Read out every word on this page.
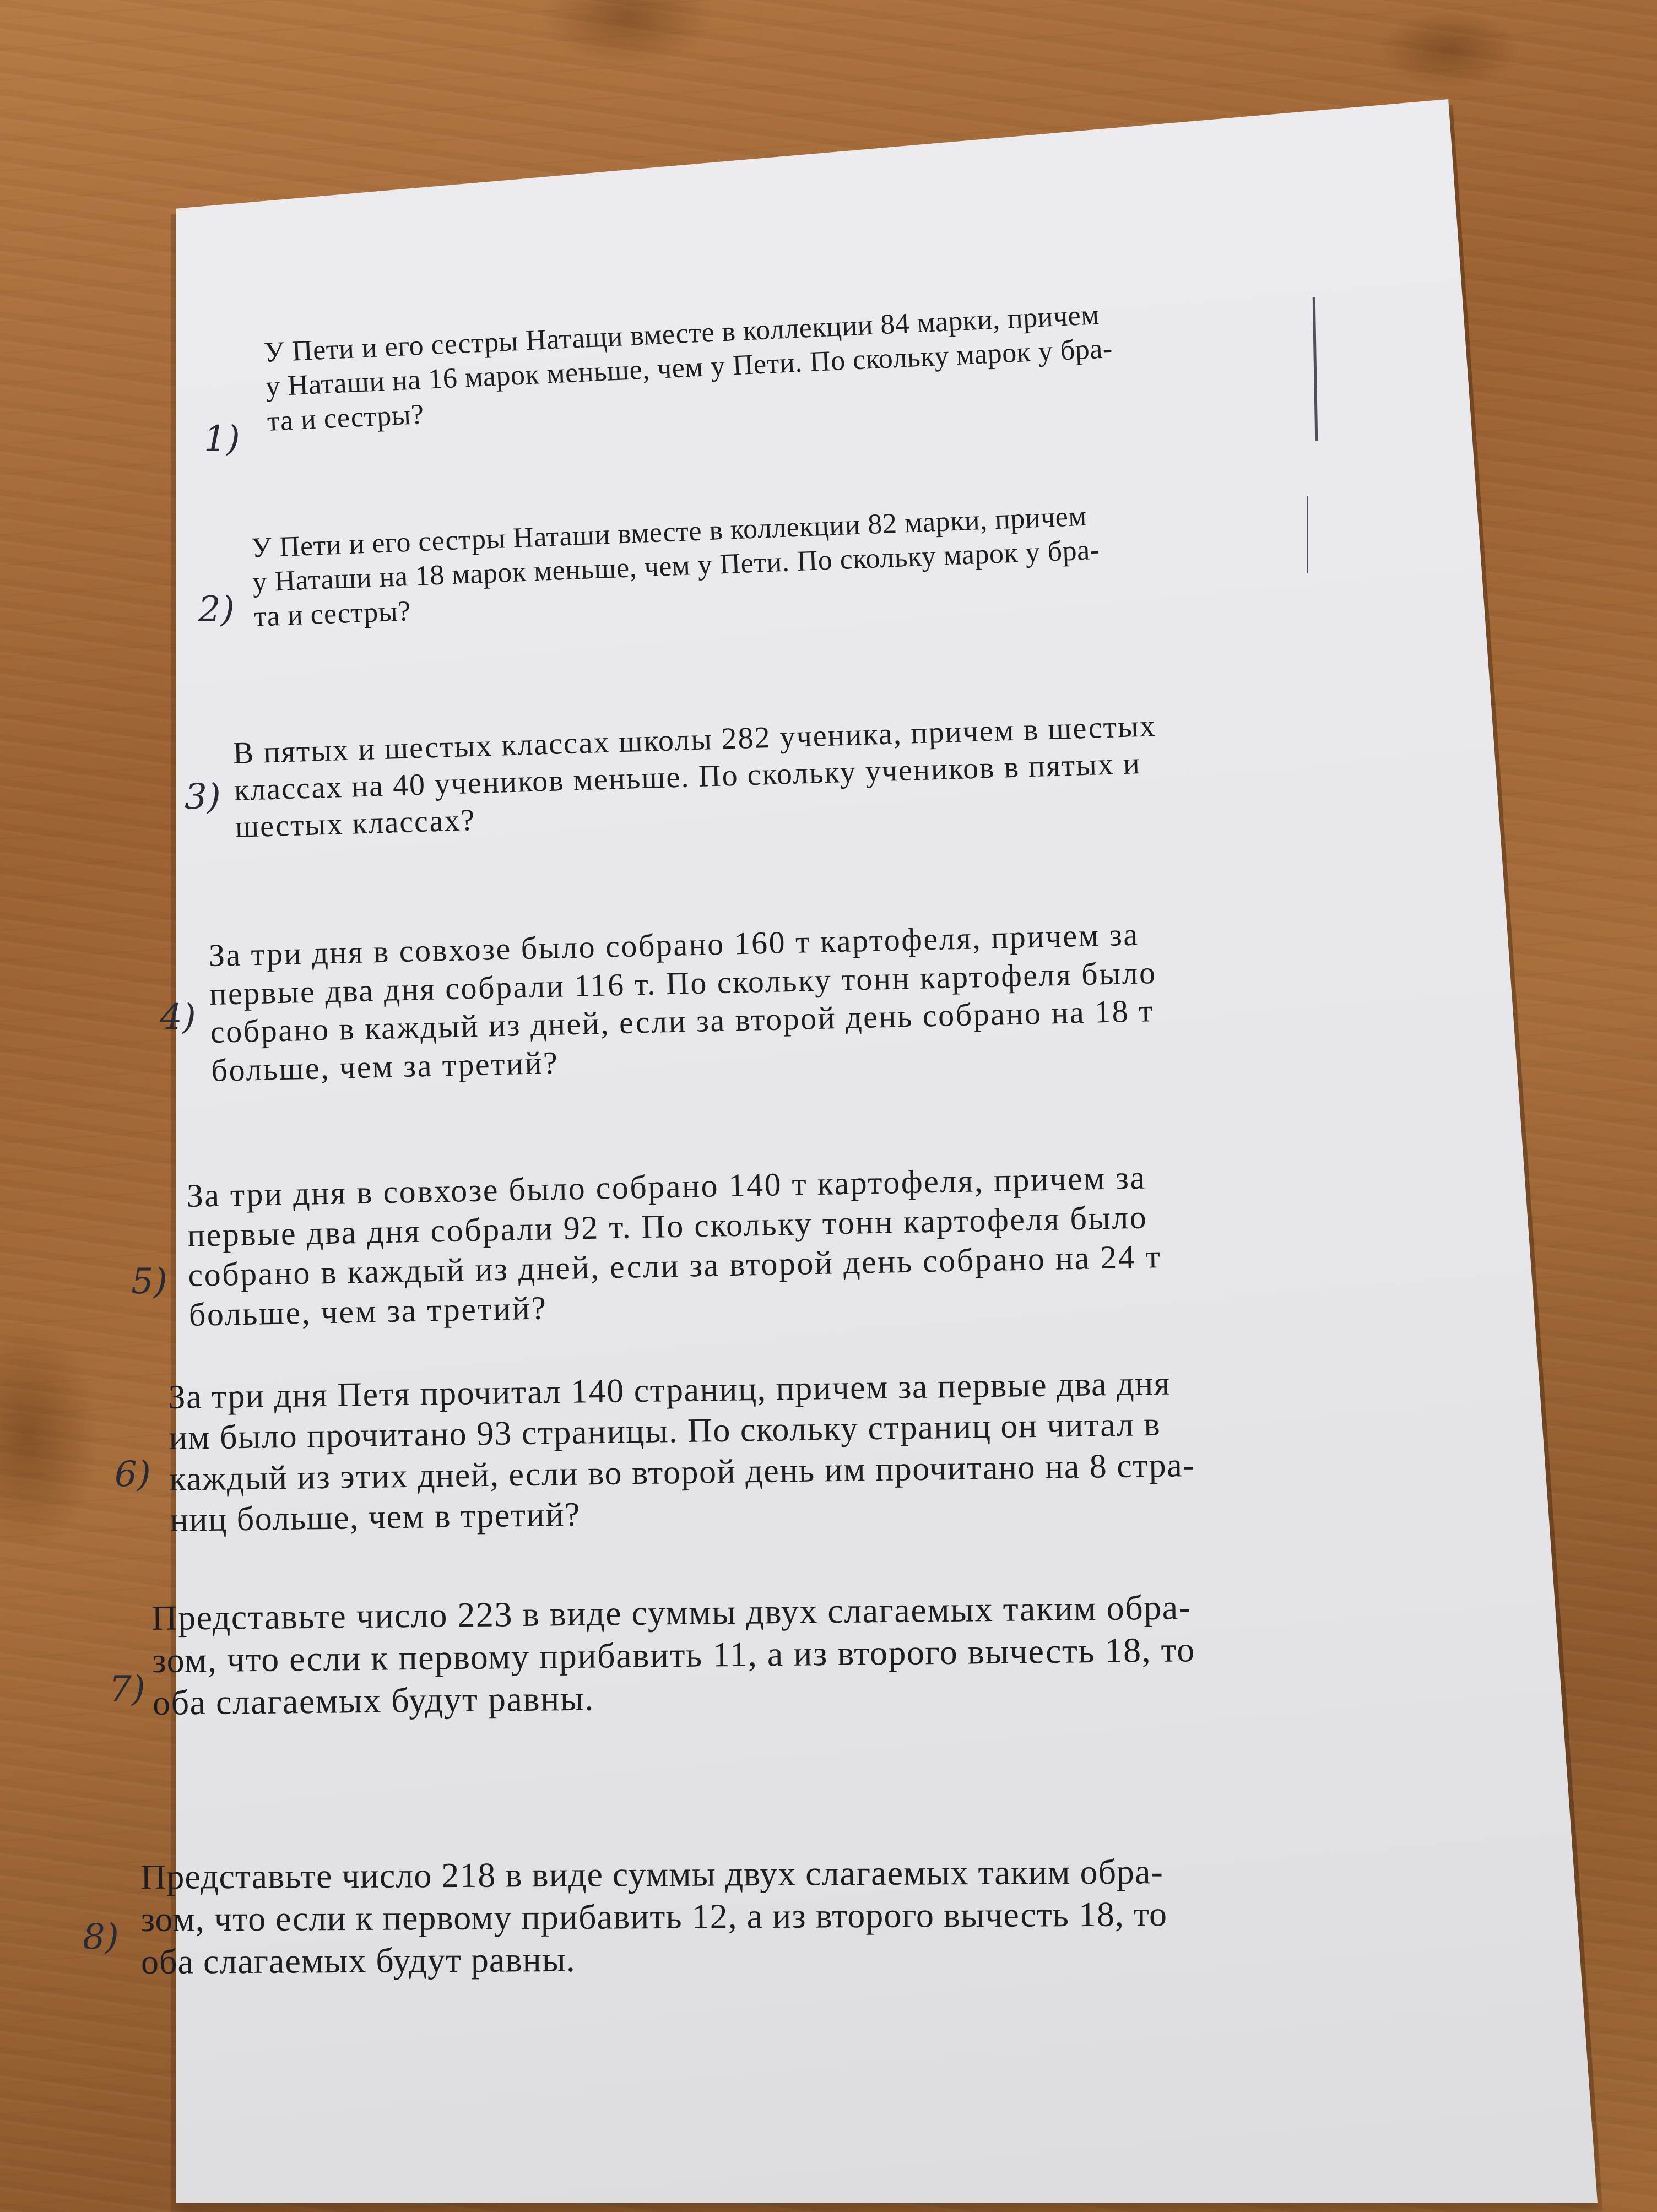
1)
У Пети и его сестры Натащи вместе в коллекции 84 марки, причем
у Наташи на 16 марок меньше, чем у Пети. По скольку марок у бра-
та и сестры?
2)
У Пети и его сестры Наташи вместе в коллекции 82 марки, причем
у Наташи на 18 марок меньше, чем у Пети. По скольку марок у бра-
та и сестры?
3)
В пятых и шестых классах школы 282 ученика, причем в шестых
классах на 40 учеников меньше. По скольку учеников в пятых и
шестых классах?
4)
За три дня в совхозе было собрано 160 т картофеля, причем за
первые два дня собрали 116 т. По скольку тонн картофеля было
собрано в каждый из дней, если за второй день собрано на 18 т
больше, чем за третий?
5)
За три дня в совхозе было собрано 140 т картофеля, причем за
первые два дня собрали 92 т. По скольку тонн картофеля было
собрано в каждый из дней, если за второй день собрано на 24 т
больше, чем за третий?
6)
За три дня Петя прочитал 140 страниц, причем за первые два дня
им было прочитано 93 страницы. По скольку страниц он читал в
каждый из этих дней, если во второй день им прочитано на 8 стра-
ниц больше, чем в третий?
7)
Представьте число 223 в виде суммы двух слагаемых таким обра-
зом, что если к первому прибавить 11, а из второго вычесть 18, то
оба слагаемых будут равны.
8)
Представьте число 218 в виде суммы двух слагаемых таким обра-
зом, что если к первому прибавить 12, а из второго вычесть 18, то
оба слагаемых будут равны.
